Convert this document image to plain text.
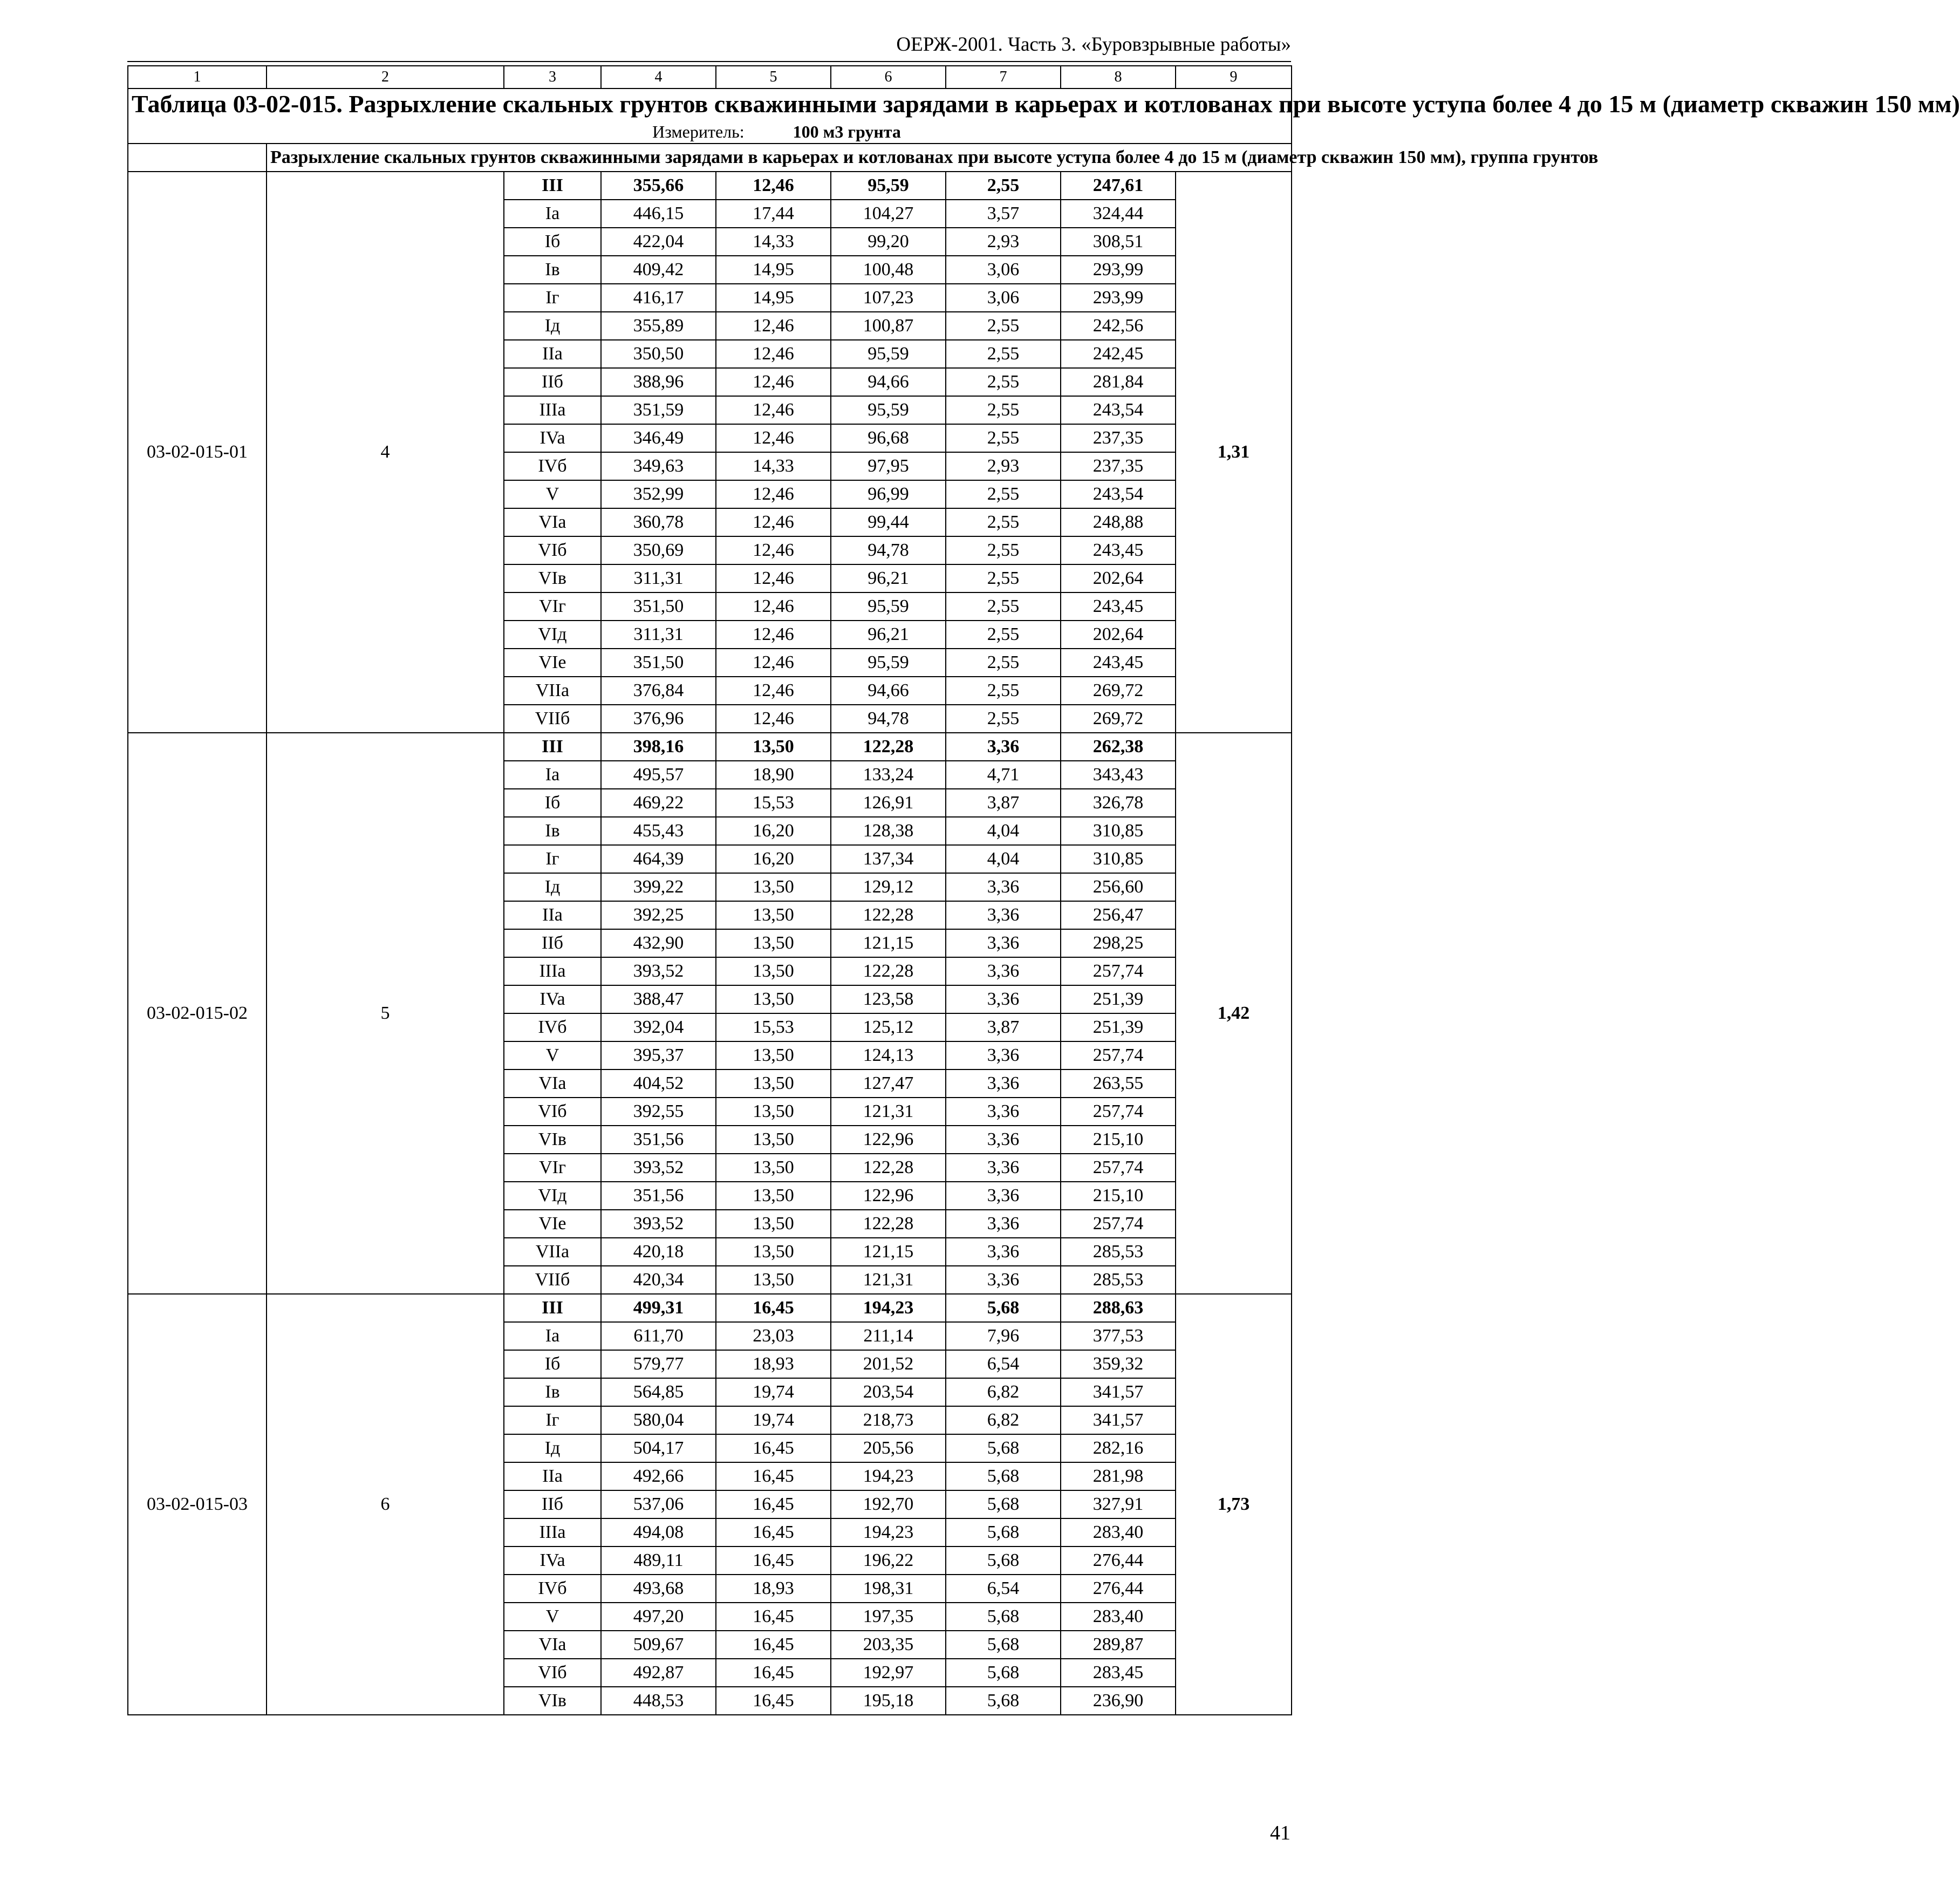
ОЕРЖ-2001. Часть 3. «Буровзрывные работы»
1	2	3	4	5	6	7	8	9

Таблица 03-02-015. Разрыхление скальных грунтов скважинными зарядами в карьерах и котлованах при высоте уступа более 4 до 15 м (диаметр скважин 150 мм)
Измеритель: 100 м3 грунта								

	Разрыхление скальных грунтов скважинными зарядами в карьерах и котлованах при высоте уступа более 4 до 15 м (диаметр скважин 150 мм), группа грунтов							
03-02-015-01	4	III	355,66	12,46	95,59	2,55	247,61	1,31
		Ia	446,15	17,44	104,27	3,57	324,44	
		Iб	422,04	14,33	99,20	2,93	308,51	
		Iв	409,42	14,95	100,48	3,06	293,99	
		Iг	416,17	14,95	107,23	3,06	293,99	
		Iд	355,89	12,46	100,87	2,55	242,56	
		IIa	350,50	12,46	95,59	2,55	242,45	
		IIб	388,96	12,46	94,66	2,55	281,84	
		IIIa	351,59	12,46	95,59	2,55	243,54	
		IVa	346,49	12,46	96,68	2,55	237,35	
		IVб	349,63	14,33	97,95	2,93	237,35	
		V	352,99	12,46	96,99	2,55	243,54	
		VIa	360,78	12,46	99,44	2,55	248,88	
		VIб	350,69	12,46	94,78	2,55	243,45	
		VIв	311,31	12,46	96,21	2,55	202,64	
		VIг	351,50	12,46	95,59	2,55	243,45	
		VIд	311,31	12,46	96,21	2,55	202,64	
		VIe	351,50	12,46	95,59	2,55	243,45	
		VIIa	376,84	12,46	94,66	2,55	269,72	
		VIIб	376,96	12,46	94,78	2,55	269,72	
03-02-015-02	5	III	398,16	13,50	122,28	3,36	262,38	1,42
		Ia	495,57	18,90	133,24	4,71	343,43	
		Iб	469,22	15,53	126,91	3,87	326,78	
		Iв	455,43	16,20	128,38	4,04	310,85	
		Iг	464,39	16,20	137,34	4,04	310,85	
		Iд	399,22	13,50	129,12	3,36	256,60	
		IIa	392,25	13,50	122,28	3,36	256,47	
		IIб	432,90	13,50	121,15	3,36	298,25	
		IIIa	393,52	13,50	122,28	3,36	257,74	
		IVa	388,47	13,50	123,58	3,36	251,39	
		IVб	392,04	15,53	125,12	3,87	251,39	
		V	395,37	13,50	124,13	3,36	257,74	
		VIa	404,52	13,50	127,47	3,36	263,55	
		VIб	392,55	13,50	121,31	3,36	257,74	
		VIв	351,56	13,50	122,96	3,36	215,10	
		VIг	393,52	13,50	122,28	3,36	257,74	
		VIд	351,56	13,50	122,96	3,36	215,10	
		VIe	393,52	13,50	122,28	3,36	257,74	
		VIIa	420,18	13,50	121,15	3,36	285,53	
		VIIб	420,34	13,50	121,31	3,36	285,53	
03-02-015-03	6	III	499,31	16,45	194,23	5,68	288,63	1,73
		Ia	611,70	23,03	211,14	7,96	377,53	
		Iб	579,77	18,93	201,52	6,54	359,32	
		Iв	564,85	19,74	203,54	6,82	341,57	
		Iг	580,04	19,74	218,73	6,82	341,57	
		Iд	504,17	16,45	205,56	5,68	282,16	
		IIa	492,66	16,45	194,23	5,68	281,98	
		IIб	537,06	16,45	192,70	5,68	327,91	
		IIIa	494,08	16,45	194,23	5,68	283,40	
		IVa	489,11	16,45	196,22	5,68	276,44	
		IVб	493,68	18,93	198,31	6,54	276,44	
		V	497,20	16,45	197,35	5,68	283,40	
		VIa	509,67	16,45	203,35	5,68	289,87	
		VIб	492,87	16,45	192,97	5,68	283,45	
		VIв	448,53	16,45	195,18	5,68	236,90	
41
